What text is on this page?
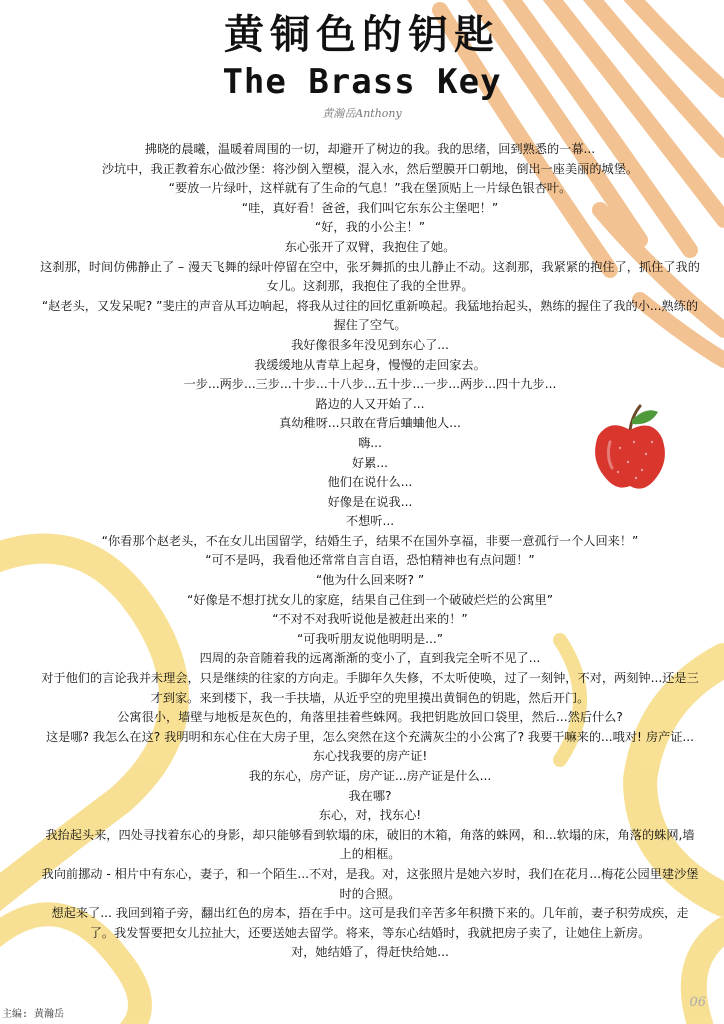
黄铜色的钥匙
The Brass Key
黄瀚岳Anthony

拂晓的晨曦，温暖着周围的一切，却避开了树边的我。我的思绪，回到熟悉的一幕...

沙坑中，我正教着东心做沙堡：将沙倒入塑模，混入水，然后塑膜开口朝地，倒出一座美丽的城堡。

“要放一片绿叶，这样就有了生命的气息！”我在堡顶贴上一片绿色银杏叶。

“哇，真好看！爸爸，我们叫它东东公主堡吧！”

“好，我的小公主！”

东心张开了双臂，我抱住了她。

这刹那，时间仿佛静止了 – 漫天飞舞的绿叶停留在空中，张牙舞抓的虫儿静止不动。这刹那，我紧紧的抱住了，抓住了我的女儿。这刹那，我抱住了我的全世界。

“赵老头，又发呆呢? ”斐庄的声音从耳边响起，将我从过往的回忆重新唤起。我猛地抬起头，熟练的握住了我的小...熟练的握住了空气。

我好像很多年没见到东心了...

我缓缓地从青草上起身，慢慢的走回家去。

一步...两步...三步...十步...十八步...五十步...一步...两步...四十九步...

路边的人又开始了...

真幼稚呀...只敢在背后蛐蛐他人...

嗨...

好累...

他们在说什么...

好像是在说我...

不想听...

“你看那个赵老头，不在女儿出国留学，结婚生子，结果不在国外享福，非要一意孤行一个人回来！”

“可不是吗，我看他还常常自言自语，恐怕精神也有点问题！”

“他为什么回来呀? ”

“好像是不想打扰女儿的家庭，结果自己住到一个破破烂烂的公寓里”

“不对不对我听说他是被赶出来的！”

“可我听朋友说他明明是...”

四周的杂音随着我的远离渐渐的变小了，直到我完全听不见了...

对于他们的言论我并未理会，只是继续的往家的方向走。手脚年久失修，不太听使唤，过了一刻钟，不对，两刻钟...还是三才到家。来到楼下，我一手扶墙，从近乎空的兜里摸出黄铜色的钥匙，然后开门。

公寓很小，墙壁与地板是灰色的，角落里挂着些蛛网。我把钥匙放回口袋里，然后...然后什么?

这是哪? 我怎么在这? 我明明和东心住在大房子里，怎么突然在这个充满灰尘的小公寓了? 我要干嘛来的...哦对! 房产证...东心找我要的房产证!

我的东心，房产证，房产证...房产证是什么...

我在哪?

东心，对，找东心!

我抬起头来，四处寻找着东心的身影，却只能够看到软塌的床，破旧的木箱，角落的蛛网，和...软塌的床，角落的蛛网,墙上的相框。

我向前挪动 - 相片中有东心，妻子，和一个陌生...不对，是我。对，这张照片是她六岁时，我们在花月...梅花公园里建沙堡时的合照。

想起来了... 我回到箱子旁，翻出红色的房本，捂在手中。这可是我们辛苦多年积攒下来的。几年前，妻子积劳成疾，走了。我发誓要把女儿拉扯大，还要送她去留学。将来，等东心结婚时，我就把房子卖了，让她住上新房。

对，她结婚了，得赶快给她...

主编: 黄瀚岳
06
